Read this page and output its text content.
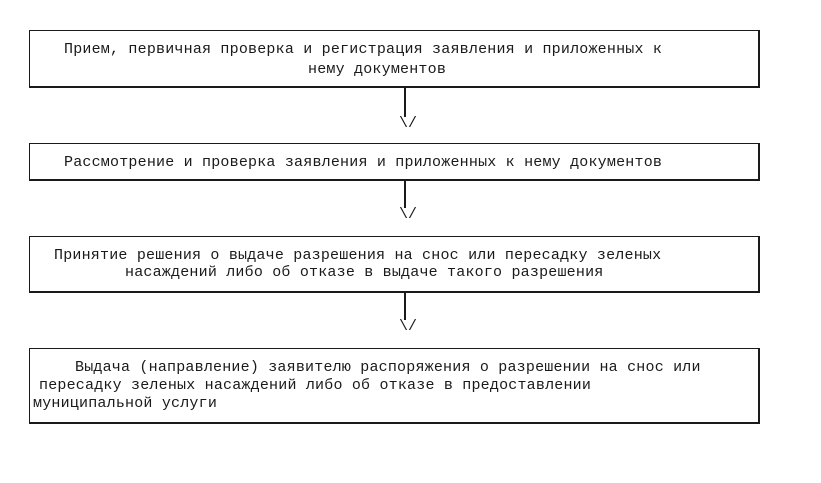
Прием, первичная проверка и регистрация заявления и приложенных к
нему документов
\/
Рассмотрение и проверка заявления и приложенных к нему документов
\/
Принятие решения о выдаче разрешения на снос или пересадку зеленых
насаждений либо об отказе в выдаче такого разрешения
\/
Выдача (направление) заявителю распоряжения о разрешении на снос или
пересадку зеленых насаждений либо об отказе в предоставлении
муниципальной услуги
